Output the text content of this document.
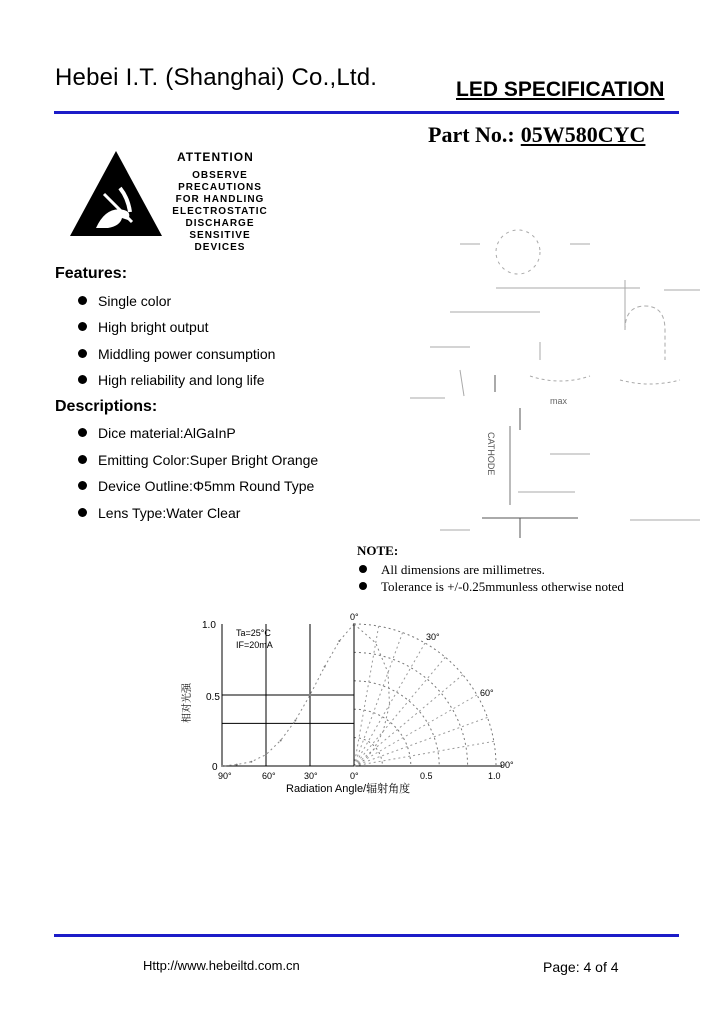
Hebei I.T. (Shanghai) Co.,Ltd.	LED SPECIFICATION
Part No.: 05W580CYC
ATTENTION
OBSERVE PRECAUTIONS
FOR HANDLING
ELECTROSTATIC
DISCHARGE
SENSITIVE
DEVICES
Features:
Single color
High bright output
Middling power consumption
High reliability and long life
Descriptions:
Dice material:AlGaInP
Emitting Color:Super Bright Orange
Device Outline:Φ5mm Round Type
Lens Type:Water Clear
max
CATHODE
NOTE:
All dimensions are millimetres.
Tolerance is +/-0.25mmunless otherwise noted
Ta=25°C
IF=20mA
1.0
0.5
0
90°	60°	30°	0°	0.5	1.0
0°
30°
60°
90°
Radiation Angle/辐射角度
相对光强
Http://www.hebeiltd.com.cn	Page: 4 of 4
